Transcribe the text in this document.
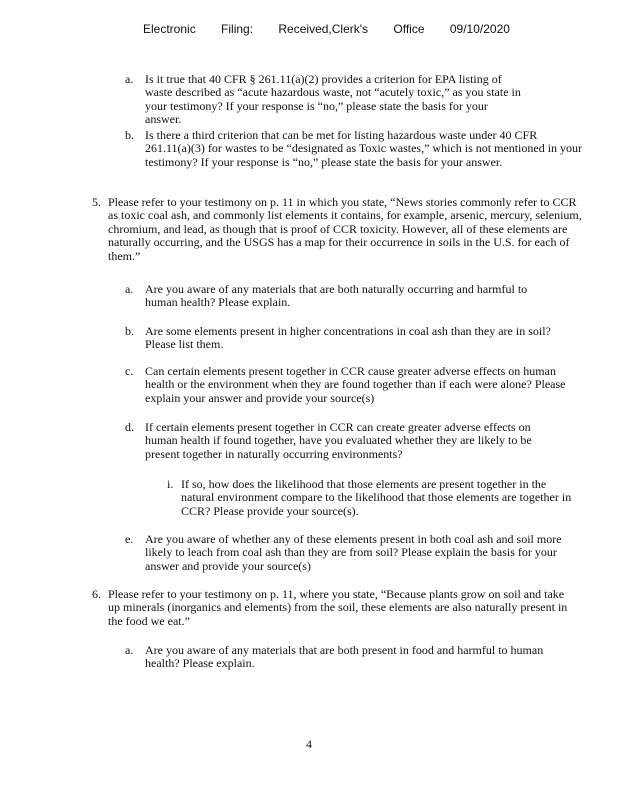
Electronic Filing: Received,Clerk's Office 09/10/2020
a. Is it true that 40 CFR § 261.11(a)(2) provides a criterion for EPA listing of waste described as “acute hazardous waste, not “acutely toxic,” as you state in your testimony? If your response is “no,” please state the basis for your answer.
b. Is there a third criterion that can be met for listing hazardous waste under 40 CFR 261.11(a)(3) for wastes to be “designated as Toxic wastes,” which is not mentioned in your testimony? If your response is “no,” please state the basis for your answer.
5. Please refer to your testimony on p. 11 in which you state, “News stories commonly refer to CCR as toxic coal ash, and commonly list elements it contains, for example, arsenic, mercury, selenium, chromium, and lead, as though that is proof of CCR toxicity. However, all of these elements are naturally occurring, and the USGS has a map for their occurrence in soils in the U.S. for each of them.”
a. Are you aware of any materials that are both naturally occurring and harmful to human health? Please explain.
b. Are some elements present in higher concentrations in coal ash than they are in soil? Please list them.
c. Can certain elements present together in CCR cause greater adverse effects on human health or the environment when they are found together than if each were alone? Please explain your answer and provide your source(s)
d. If certain elements present together in CCR can create greater adverse effects on human health if found together, have you evaluated whether they are likely to be present together in naturally occurring environments?
i. If so, how does the likelihood that those elements are present together in the natural environment compare to the likelihood that those elements are together in CCR? Please provide your source(s).
e. Are you aware of whether any of these elements present in both coal ash and soil more likely to leach from coal ash than they are from soil? Please explain the basis for your answer and provide your source(s)
6. Please refer to your testimony on p. 11, where you state, “Because plants grow on soil and take up minerals (inorganics and elements) from the soil, these elements are also naturally present in the food we eat.”
a. Are you aware of any materials that are both present in food and harmful to human health? Please explain.
4
